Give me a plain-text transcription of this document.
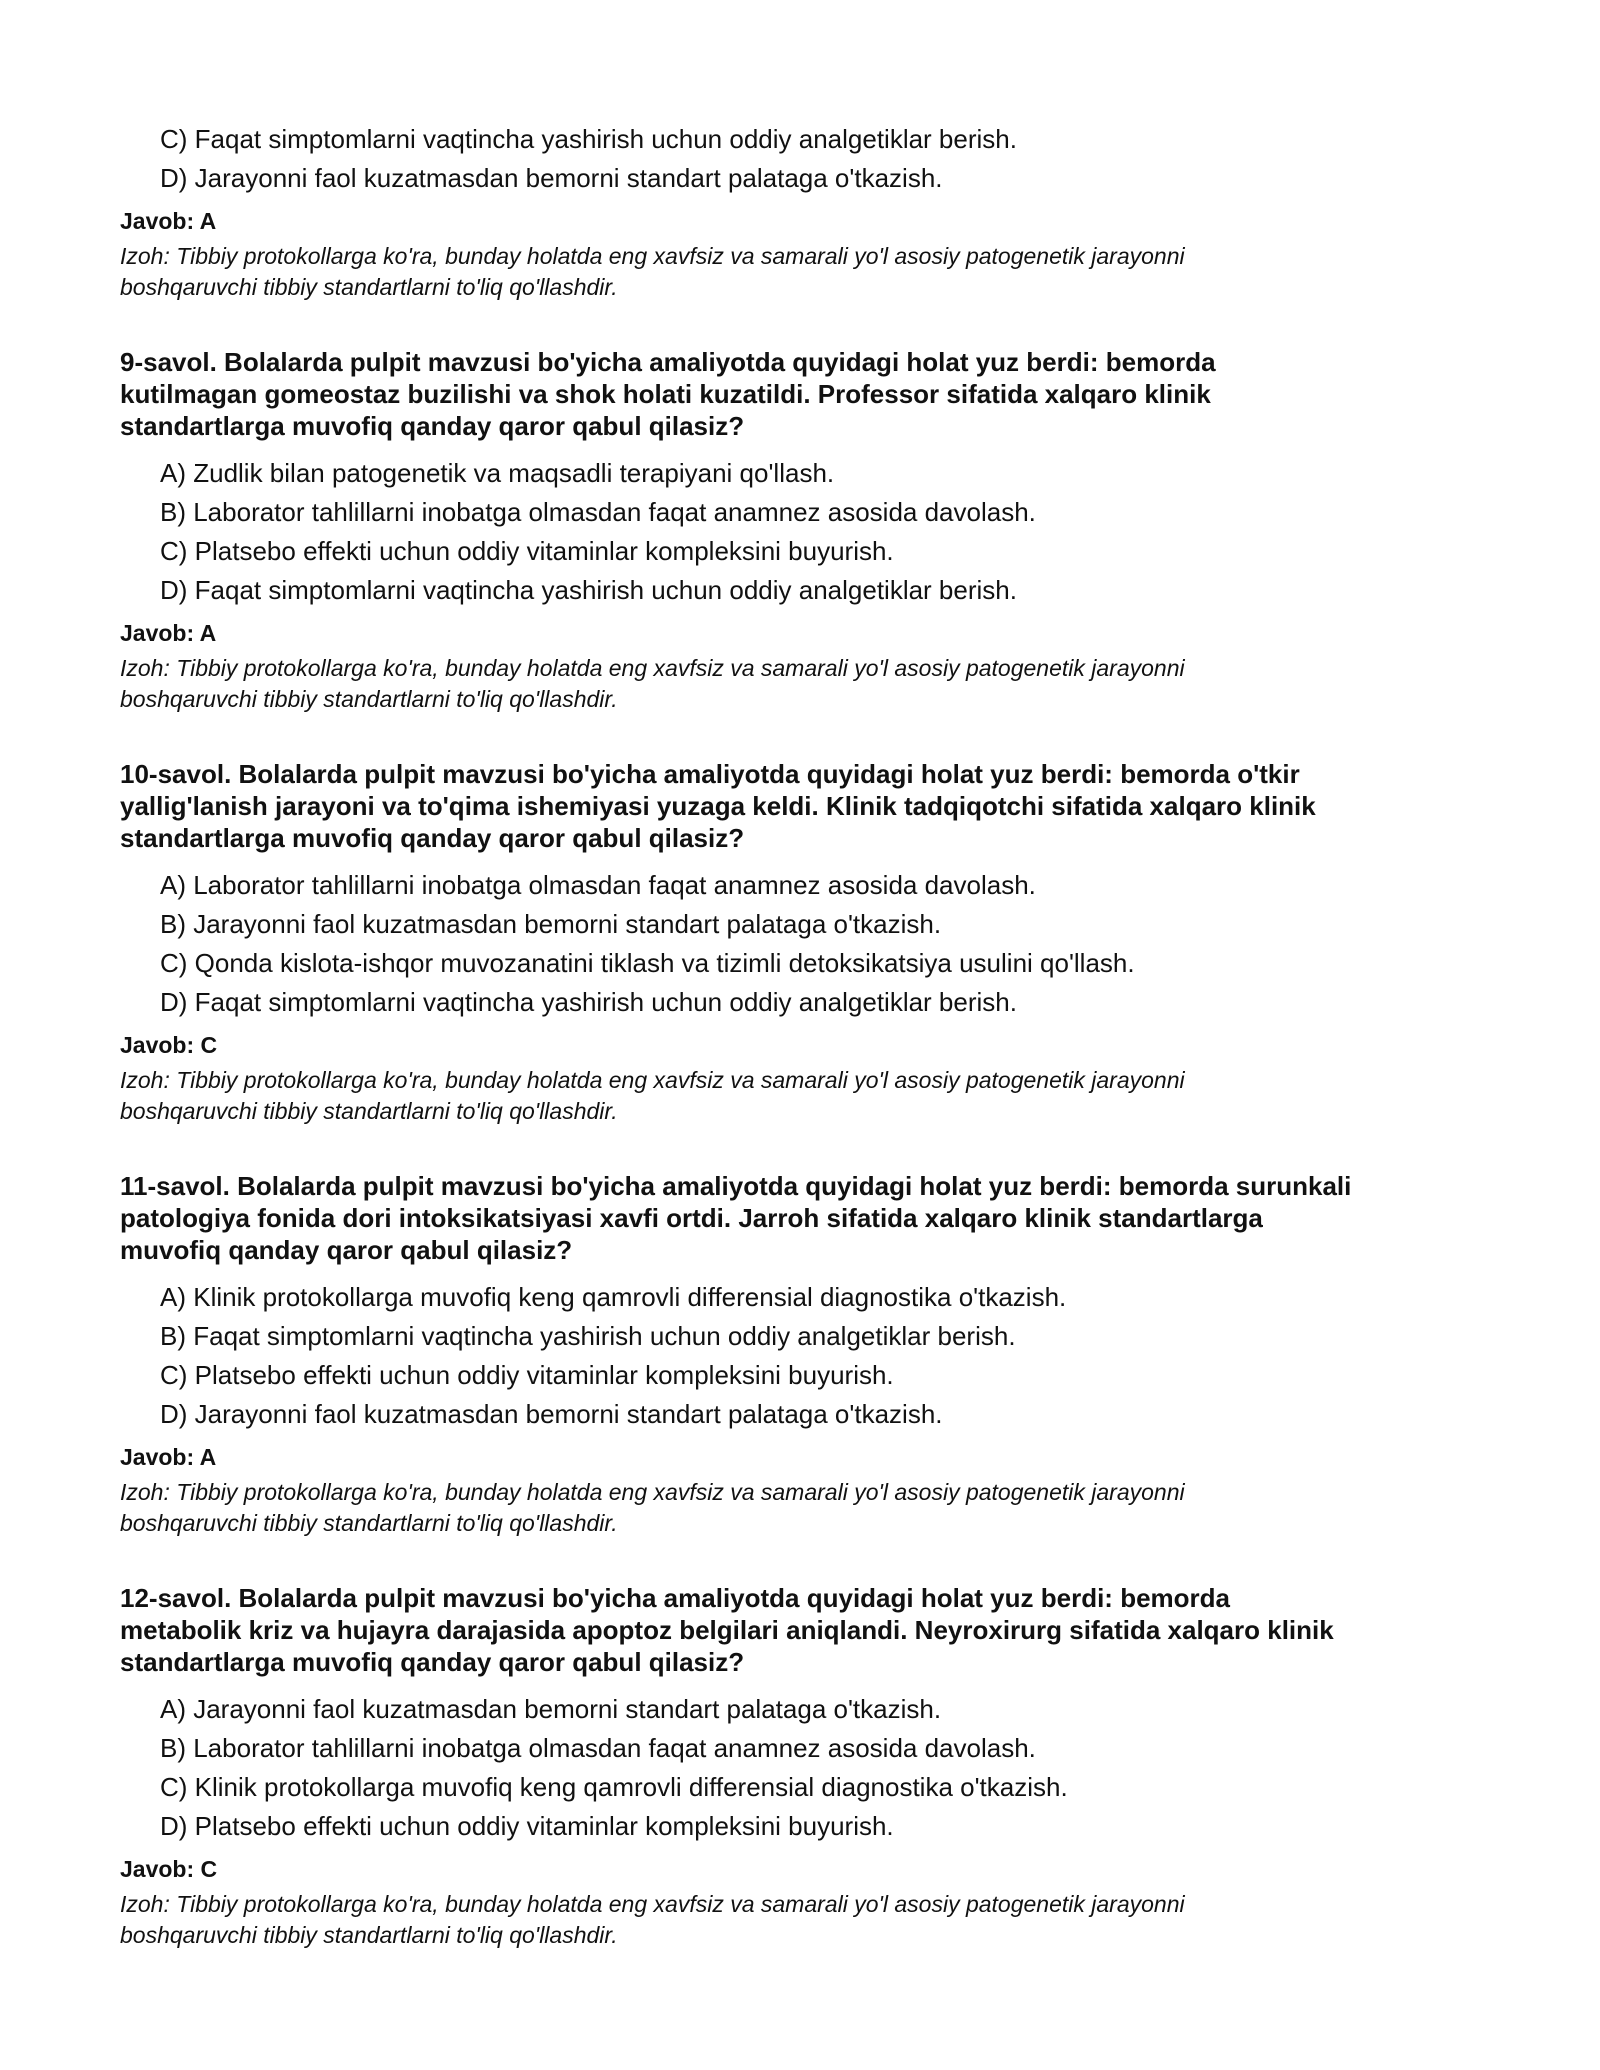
C) Faqat simptomlarni vaqtincha yashirish uchun oddiy analgetiklar berish.
D) Jarayonni faol kuzatmasdan bemorni standart palataga o'tkazish.
Javob: A
Izoh: Tibbiy protokollarga ko'ra, bunday holatda eng xavfsiz va samarali yo'l asosiy patogenetik jarayonni
boshqaruvchi tibbiy standartlarni to'liq qo'llashdir.
9-savol. Bolalarda pulpit mavzusi bo'yicha amaliyotda quyidagi holat yuz berdi: bemorda
kutilmagan gomeostaz buzilishi va shok holati kuzatildi. Professor sifatida xalqaro klinik
standartlarga muvofiq qanday qaror qabul qilasiz?
A) Zudlik bilan patogenetik va maqsadli terapiyani qo'llash.
B) Laborator tahlillarni inobatga olmasdan faqat anamnez asosida davolash.
C) Platsebo effekti uchun oddiy vitaminlar kompleksini buyurish.
D) Faqat simptomlarni vaqtincha yashirish uchun oddiy analgetiklar berish.
Javob: A
Izoh: Tibbiy protokollarga ko'ra, bunday holatda eng xavfsiz va samarali yo'l asosiy patogenetik jarayonni
boshqaruvchi tibbiy standartlarni to'liq qo'llashdir.
10-savol. Bolalarda pulpit mavzusi bo'yicha amaliyotda quyidagi holat yuz berdi: bemorda o'tkir
yallig'lanish jarayoni va to'qima ishemiyasi yuzaga keldi. Klinik tadqiqotchi sifatida xalqaro klinik
standartlarga muvofiq qanday qaror qabul qilasiz?
A) Laborator tahlillarni inobatga olmasdan faqat anamnez asosida davolash.
B) Jarayonni faol kuzatmasdan bemorni standart palataga o'tkazish.
C) Qonda kislota-ishqor muvozanatini tiklash va tizimli detoksikatsiya usulini qo'llash.
D) Faqat simptomlarni vaqtincha yashirish uchun oddiy analgetiklar berish.
Javob: C
Izoh: Tibbiy protokollarga ko'ra, bunday holatda eng xavfsiz va samarali yo'l asosiy patogenetik jarayonni
boshqaruvchi tibbiy standartlarni to'liq qo'llashdir.
11-savol. Bolalarda pulpit mavzusi bo'yicha amaliyotda quyidagi holat yuz berdi: bemorda surunkali
patologiya fonida dori intoksikatsiyasi xavfi ortdi. Jarroh sifatida xalqaro klinik standartlarga
muvofiq qanday qaror qabul qilasiz?
A) Klinik protokollarga muvofiq keng qamrovli differensial diagnostika o'tkazish.
B) Faqat simptomlarni vaqtincha yashirish uchun oddiy analgetiklar berish.
C) Platsebo effekti uchun oddiy vitaminlar kompleksini buyurish.
D) Jarayonni faol kuzatmasdan bemorni standart palataga o'tkazish.
Javob: A
Izoh: Tibbiy protokollarga ko'ra, bunday holatda eng xavfsiz va samarali yo'l asosiy patogenetik jarayonni
boshqaruvchi tibbiy standartlarni to'liq qo'llashdir.
12-savol. Bolalarda pulpit mavzusi bo'yicha amaliyotda quyidagi holat yuz berdi: bemorda
metabolik kriz va hujayra darajasida apoptoz belgilari aniqlandi. Neyroxirurg sifatida xalqaro klinik
standartlarga muvofiq qanday qaror qabul qilasiz?
A) Jarayonni faol kuzatmasdan bemorni standart palataga o'tkazish.
B) Laborator tahlillarni inobatga olmasdan faqat anamnez asosida davolash.
C) Klinik protokollarga muvofiq keng qamrovli differensial diagnostika o'tkazish.
D) Platsebo effekti uchun oddiy vitaminlar kompleksini buyurish.
Javob: C
Izoh: Tibbiy protokollarga ko'ra, bunday holatda eng xavfsiz va samarali yo'l asosiy patogenetik jarayonni
boshqaruvchi tibbiy standartlarni to'liq qo'llashdir.
